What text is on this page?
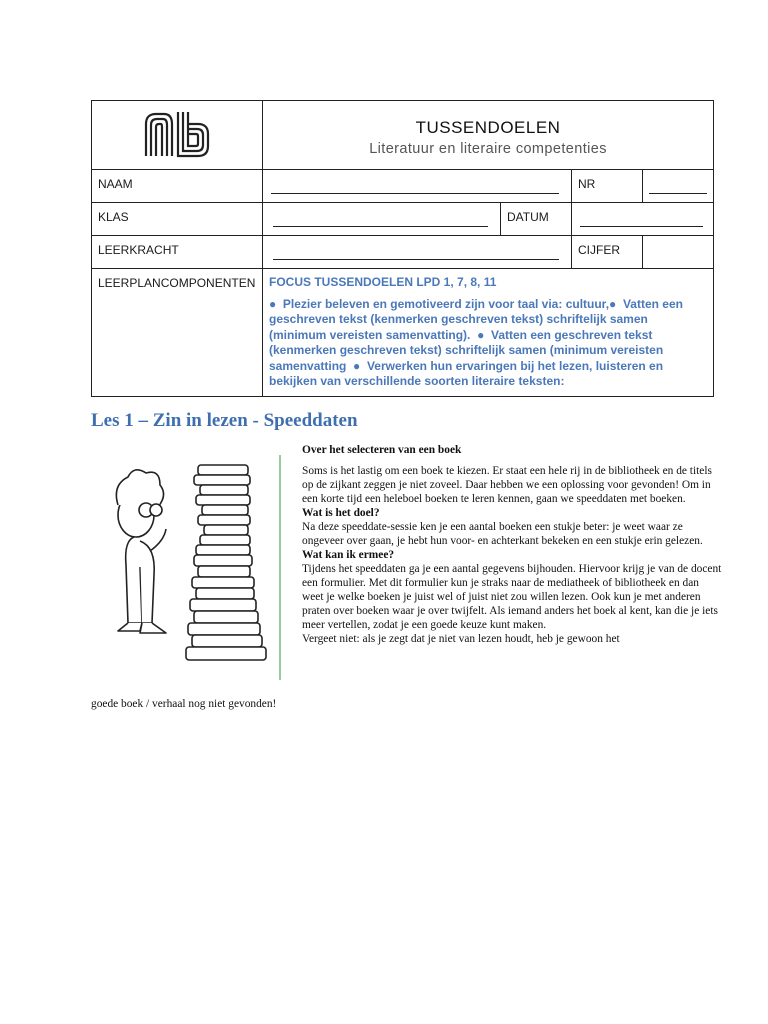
TUSSENDOELEN
Literatuur en literaire competenties			

NAAM			NR	

KLAS		DATUM		

LEERKRACHT			CIJFER	
LEERPLANCOMPONENTEN	FOCUS TUSSENDOELEN LPD 1, 7, 8, 11
●  Plezier beleven en gemotiveerd zijn voor taal via: cultuur,●  Vatten een geschreven tekst (kenmerken geschreven tekst) schriftelijk samen (minimum vereisten samenvatting).  ●  Vatten een geschreven tekst (kenmerken geschreven tekst) schriftelijk samen (minimum vereisten samenvatting  ●  Verwerken hun ervaringen bij het lezen, luisteren en bekijken van verschillende soorten literaire teksten:			
Les 1 – Zin in lezen - Speeddaten

Over het selecteren van een boek

Soms is het lastig om een boek te kiezen. Er staat een hele rij in de bibliotheek en de titels op de zijkant zeggen je niet zoveel. Daar hebben we een oplossing voor gevonden! Om in een korte tijd een heleboel boeken te leren kennen, gaan we speeddaten met boeken.

Wat is het doel?

Na deze speeddate-sessie ken je een aantal boeken een stukje beter: je weet waar ze ongeveer over gaan, je hebt hun voor- en achterkant bekeken en een stukje erin gelezen.

Wat kan ik ermee?

Tijdens het speeddaten ga je een aantal gegevens bijhouden. Hiervoor krijg je van de docent een formulier. Met dit formulier kun je straks naar de mediatheek of bibliotheek en dan weet je welke boeken je juist wel of juist niet zou willen lezen. Ook kun je met anderen praten over boeken waar je over twijfelt. Als iemand anders het boek al kent, kan die je iets meer vertellen, zodat je een goede keuze kunt maken.

Vergeet niet: als je zegt dat je niet van lezen houdt, heb je gewoon het

goede boek / verhaal nog niet gevonden!
